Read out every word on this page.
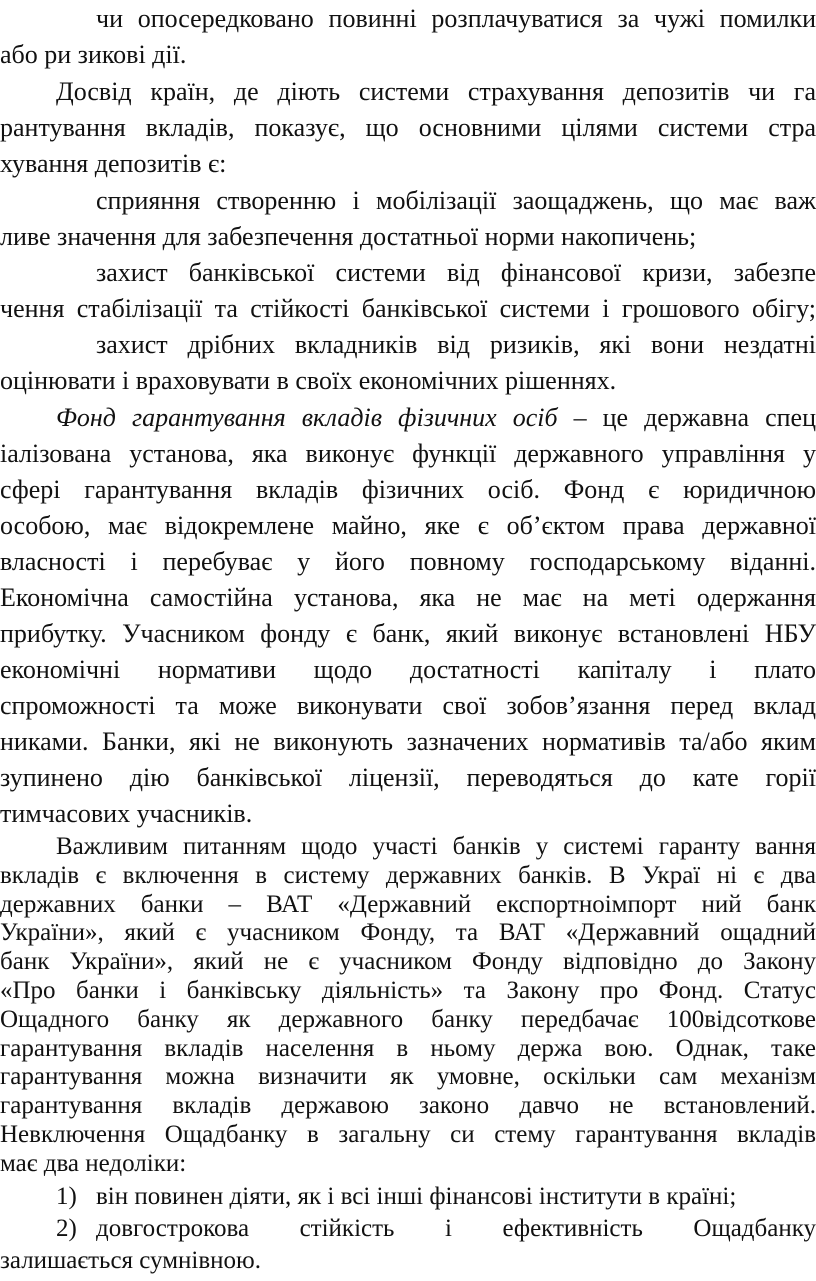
чи опосередковано повинні розплачуватися за чужі помилки
або ри зикові дії.
Досвід країн, де діють системи страхування депозитів чи га
рантування вкладів, показує, що основними цілями системи стра
хування депозитів є:
сприяння створенню і мобілізації заощаджень, що має важ
ливе значення для забезпечення достатньої норми накопичень;
захист банківської системи від фінансової кризи, забезпе
чення стабілізації та стійкості банківської системи і грошового обігу;
захист дрібних вкладників від ризиків, які вони нездатні
оцінювати і враховувати в своїх економічних рішеннях.
Фонд гарантування вкладів фізичних осіб – це державна спец
іалізована установа, яка виконує функції державного управління у
сфері гарантування вкладів фізичних осіб. Фонд є юридичною
особою, має відокремлене майно, яке є об’єктом права державної
власності і перебуває у його повному господарському віданні.
Економічна самостійна установа, яка не має на меті одержання
прибутку. Учасником фонду є банк, який виконує встановлені НБУ
економічні нормативи щодо достатності капіталу і плато
спроможності та може виконувати свої зобов’язання перед вклад
никами. Банки, які не виконують зазначених нормативів та/або яким
зупинено дію банківської ліцензії, переводяться до кате горії
тимчасових учасників.
Важливим питанням щодо участі банків у системі гаранту вання
вкладів є включення в систему державних банків. В Украї ні є два
державних банки – ВАТ «Державний експортноімпорт ний банк
України», який є учасником Фонду, та ВАТ «Державний ощадний
банк України», який не є учасником Фонду відповідно до Закону
«Про банки і банківську діяльність» та Закону про Фонд. Статус
Ощадного банку як державного банку передбачає 100відсоткове
гарантування вкладів населення в ньому держа вою. Однак, таке
гарантування можна визначити як умовне, оскільки сам механізм
гарантування вкладів державою законо давчо не встановлений.
Невключення Ощадбанку в загальну си стему гарантування вкладів
має два недоліки:
він повинен діяти, як і всі інші фінансові інститути в країні;
1)
довгострокова стійкість і ефективність Ощадбанку
2)
залишається сумнівною.
